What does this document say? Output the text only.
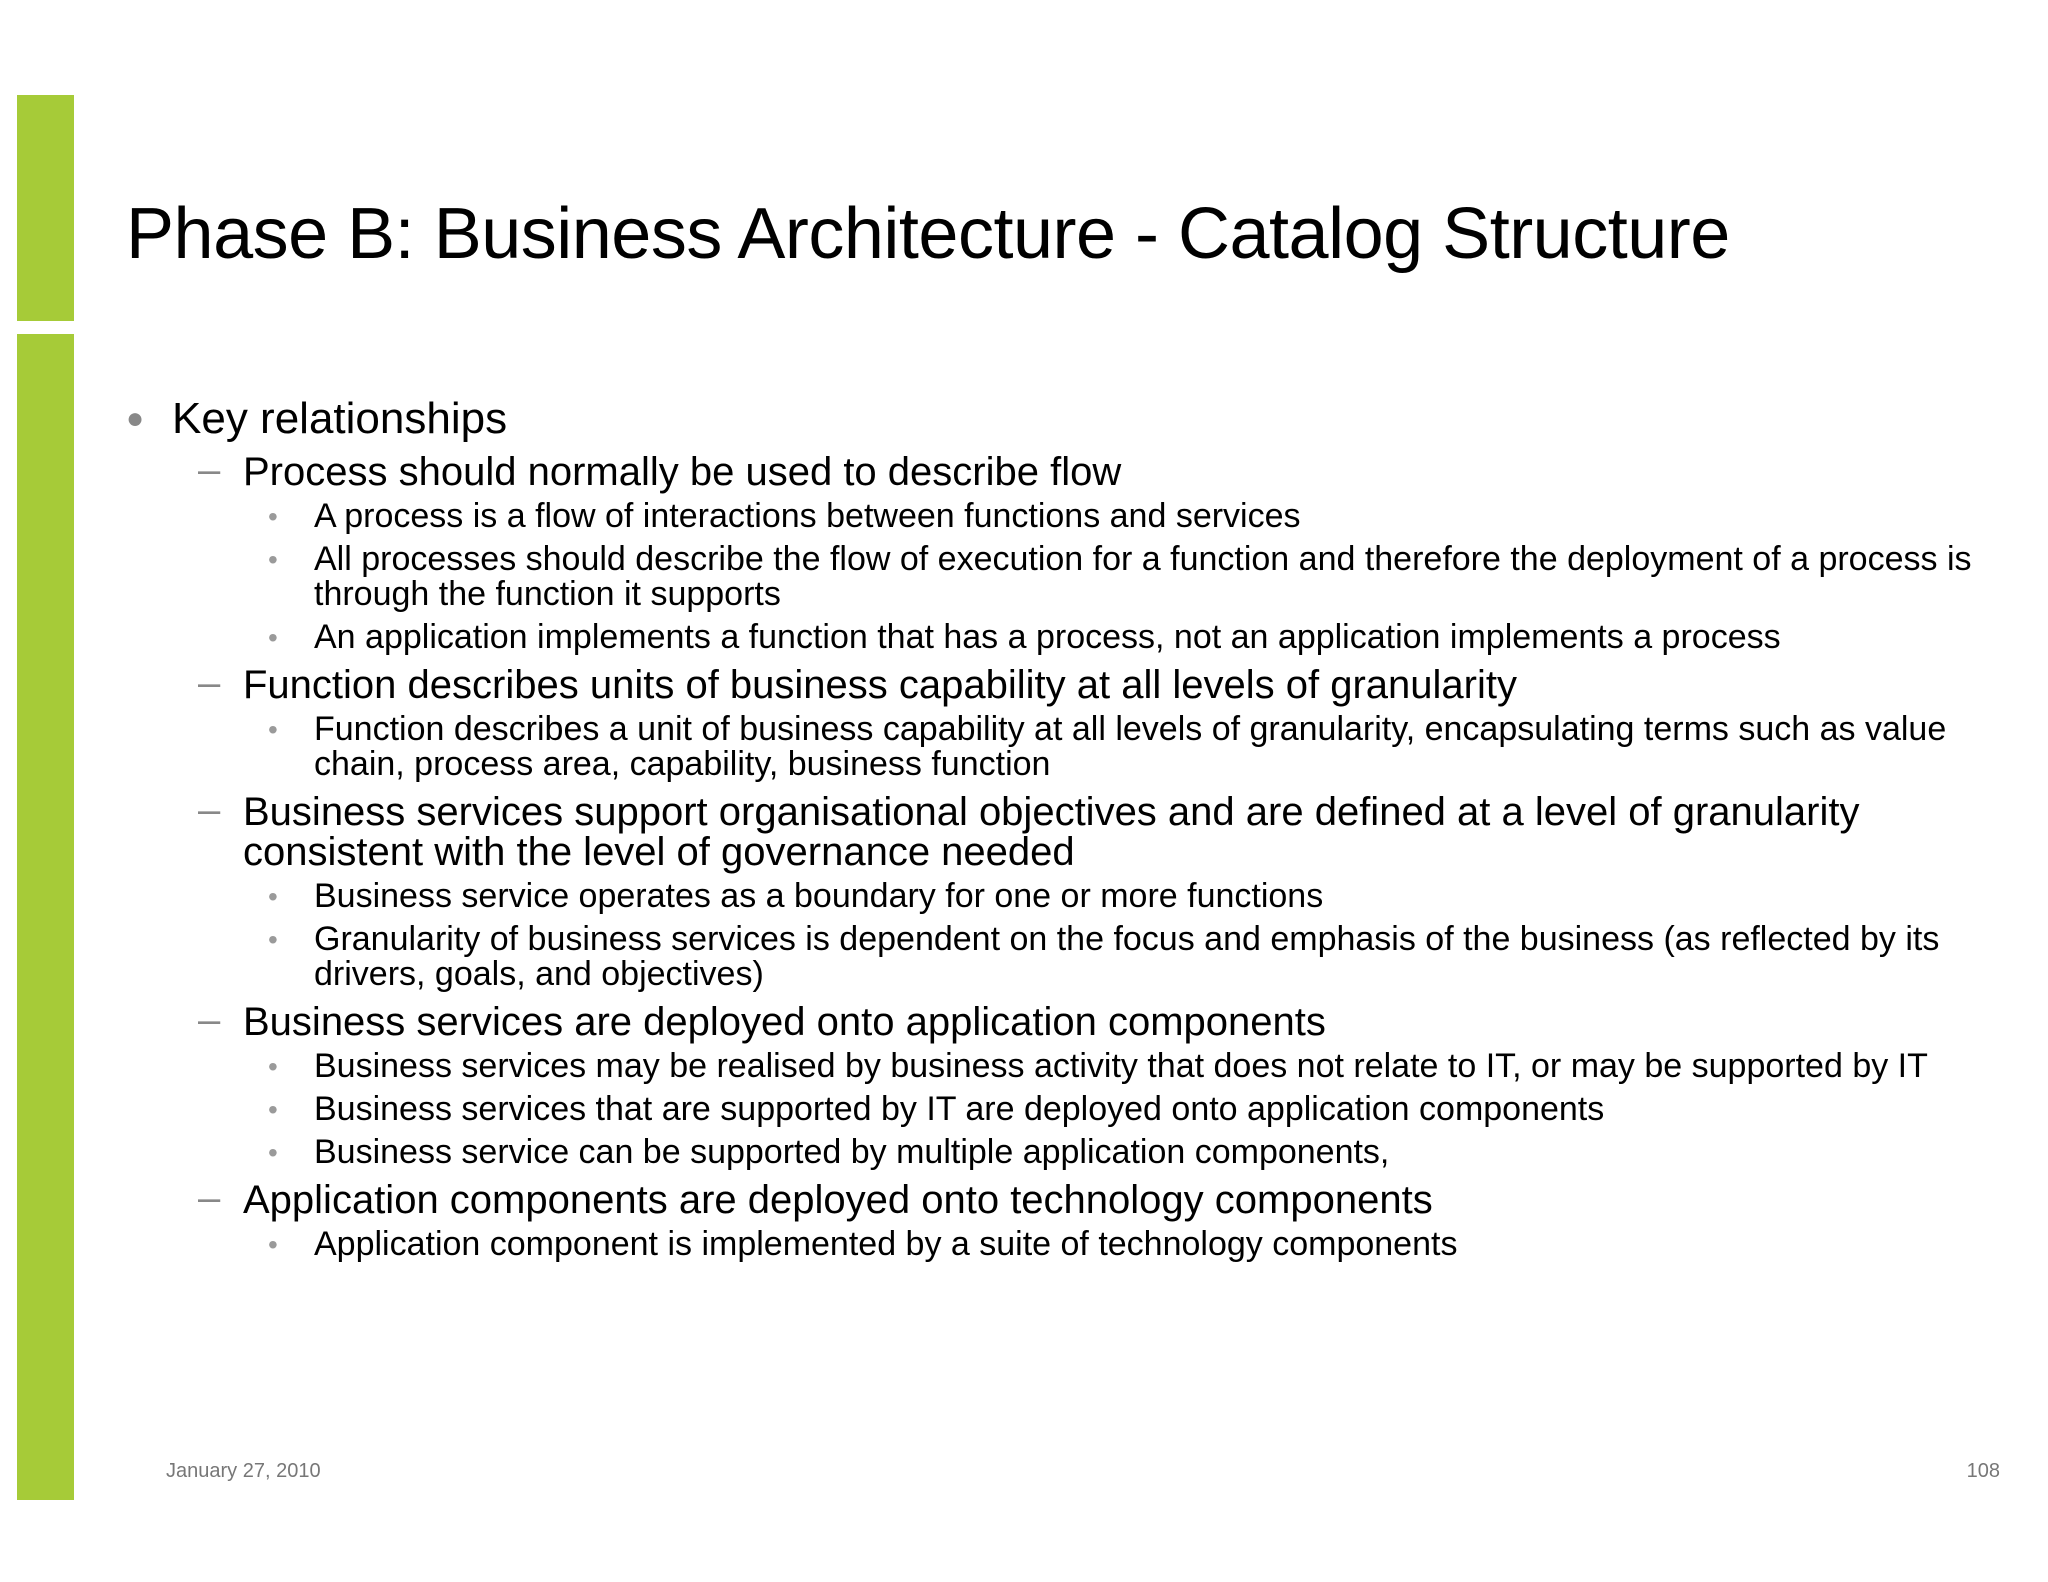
Phase B: Business Architecture - Catalog Structure
● Key relationships
– Process should normally be used to describe flow
• A process is a flow of interactions between functions and services
• All processes should describe the flow of execution for a function and therefore the deployment of a process is through the function it supports
• An application implements a function that has a process, not an application implements a process
– Function describes units of business capability at all levels of granularity
• Function describes a unit of business capability at all levels of granularity, encapsulating terms such as value chain, process area, capability, business function
– Business services support organisational objectives and are defined at a level of granularity consistent with the level of governance needed
• Business service operates as a boundary for one or more functions
• Granularity of business services is dependent on the focus and emphasis of the business (as reflected by its drivers, goals, and objectives)
– Business services are deployed onto application components
• Business services may be realised by business activity that does not relate to IT, or may be supported by IT
• Business services that are supported by IT are deployed onto application components
• Business service can be supported by multiple application components,
– Application components are deployed onto technology components
• Application component is implemented by a suite of technology components
January 27, 2010	108
